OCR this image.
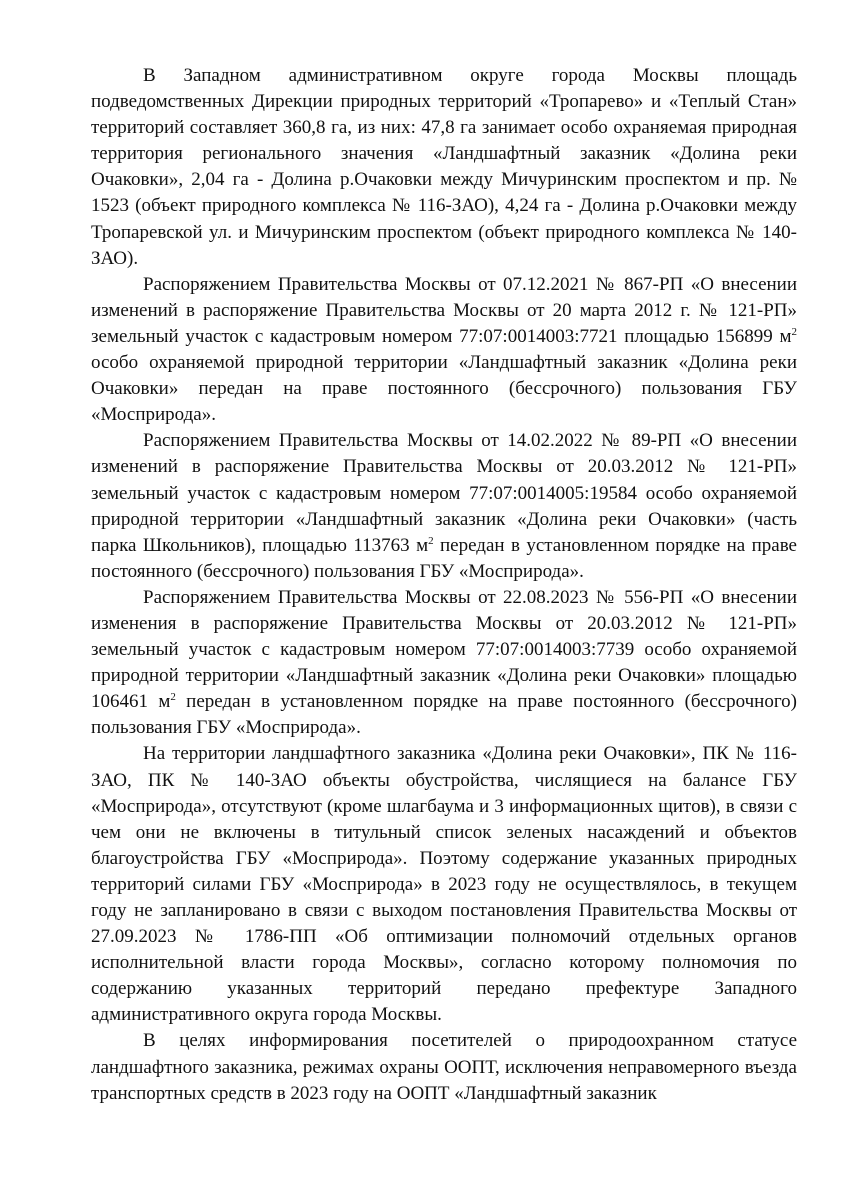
В Западном административном округе города Москвы площадь подведомственных Дирекции природных территорий «Тропарево» и «Теплый Стан» территорий составляет 360,8 га, из них: 47,8 га занимает особо охраняемая природная территория регионального значения «Ландшафтный заказник «Долина реки Очаковки», 2,04 га - Долина р.Очаковки между Мичуринским проспектом и пр. № 1523 (объект природного комплекса № 116-ЗАО), 4,24 га - Долина р.Очаковки между Тропаревской ул. и Мичуринским проспектом (объект природного комплекса № 140-ЗАО).

Распоряжением Правительства Москвы от 07.12.2021 № 867-РП «О внесении изменений в распоряжение Правительства Москвы от 20 марта 2012 г. № 121-РП» земельный участок с кадастровым номером 77:07:0014003:7721 площадью 156899 $м^2$ особо охраняемой природной территории «Ландшафтный заказник «Долина реки Очаковки» передан на праве постоянного (бессрочного) пользования ГБУ «Мосприрода».

Распоряжением Правительства Москвы от 14.02.2022 № 89-РП «О внесении изменений в распоряжение Правительства Москвы от 20.03.2012 № 121-РП» земельный участок с кадастровым номером 77:07:0014005:19584 особо охраняемой природной территории «Ландшафтный заказник «Долина реки Очаковки» (часть парка Школьников), площадью 113763 $м^2$ передан в установленном порядке на праве постоянного (бессрочного) пользования ГБУ «Мосприрода».

Распоряжением Правительства Москвы от 22.08.2023 № 556-РП «О внесении изменения в распоряжение Правительства Москвы от 20.03.2012 № 121-РП» земельный участок с кадастровым номером 77:07:0014003:7739 особо охраняемой природной территории «Ландшафтный заказник «Долина реки Очаковки» площадью 106461 $м^2$ передан в установленном порядке на праве постоянного (бессрочного) пользования ГБУ «Мосприрода».

На территории ландшафтного заказника «Долина реки Очаковки», ПК № 116-ЗАО, ПК № 140-ЗАО объекты обустройства, числящиеся на балансе ГБУ «Мосприрода», отсутствуют (кроме шлагбаума и 3 информационных щитов), в связи с чем они не включены в титульный список зеленых насаждений и объектов благоустройства ГБУ «Мосприрода». Поэтому содержание указанных природных территорий силами ГБУ «Мосприрода» в 2023 году не осуществлялось, в текущем году не запланировано в связи с выходом постановления Правительства Москвы от 27.09.2023 № 1786-ПП «Об оптимизации полномочий отдельных органов исполнительной власти города Москвы», согласно которому полномочия по содержанию указанных территорий передано префектуре Западного административного округа города Москвы.

В целях информирования посетителей о природоохранном статусе ландшафтного заказника, режимах охраны ООПТ, исключения неправомерного въезда транспортных средств в 2023 году на ООПТ «Ландшафтный заказник
